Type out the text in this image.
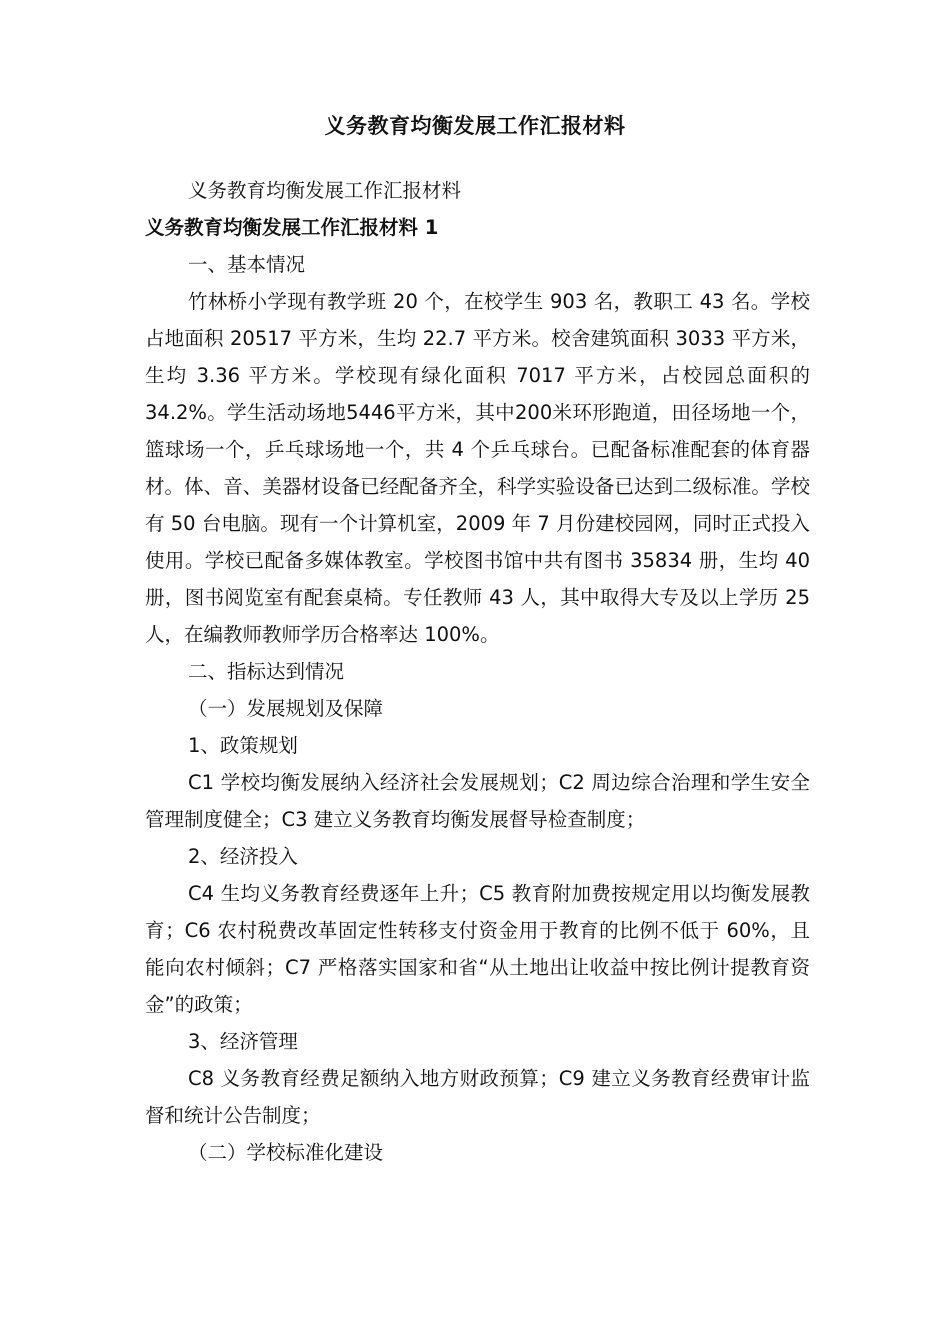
义务教育均衡发展工作汇报材料

义务教育均衡发展工作汇报材料

义务教育均衡发展工作汇报材料 1

一、基本情况

竹林桥小学现有教学班 20 个，在校学生 903 名，教职工 43 名。学校占地面积 20517 平方米，生均 22.7 平方米。校舍建筑面积 3033 平方米，生均 3.36 平方米。学校现有绿化面积 7017 平方米，占校园总面积的34.2%。学生活动场地5446平方米，其中200米环形跑道，田径场地一个，篮球场一个，乒乓球场地一个，共 4 个乒乓球台。已配备标准配套的体育器材。体、音、美器材设备已经配备齐全，科学实验设备已达到二级标准。学校有 50 台电脑。现有一个计算机室，2009 年 7 月份建校园网，同时正式投入使用。学校已配备多媒体教室。学校图书馆中共有图书 35834 册，生均 40 册，图书阅览室有配套桌椅。专任教师 43 人，其中取得大专及以上学历 25 人，在编教师教师学历合格率达 100%。

二、指标达到情况

（一）发展规划及保障

1、政策规划

C1 学校均衡发展纳入经济社会发展规划；C2 周边综合治理和学生安全管理制度健全；C3 建立义务教育均衡发展督导检查制度；

2、经济投入

C4 生均义务教育经费逐年上升；C5 教育附加费按规定用以均衡发展教育；C6 农村税费改革固定性转移支付资金用于教育的比例不低于 60%，且能向农村倾斜；C7 严格落实国家和省“从土地出让收益中按比例计提教育资金”的政策；

3、经济管理

C8 义务教育经费足额纳入地方财政预算；C9 建立义务教育经费审计监督和统计公告制度；

（二）学校标准化建设
